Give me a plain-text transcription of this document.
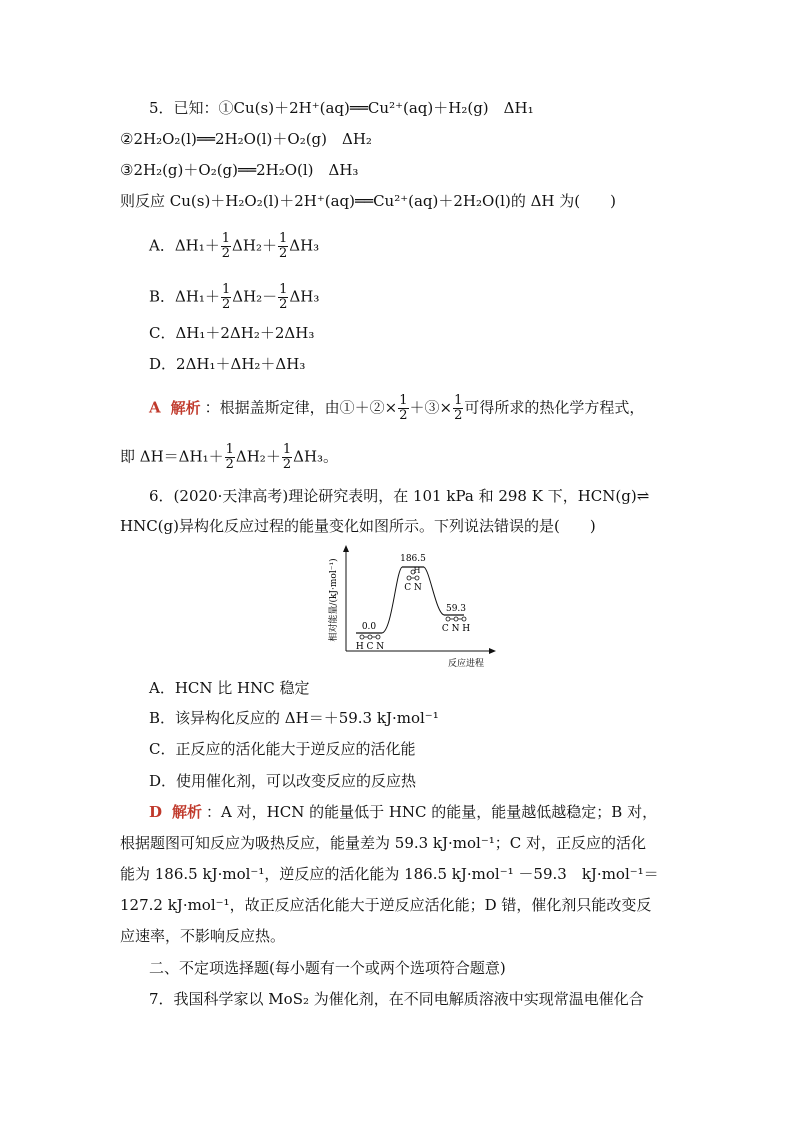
5．已知：①Cu(s)＋2H⁺(aq)══Cu²⁺(aq)＋H₂(g)　ΔH₁
②2H₂O₂(l)══2H₂O(l)＋O₂(g)　ΔH₂
③2H₂(g)＋O₂(g)══2H₂O(l)　ΔH₃
则反应 Cu(s)＋H₂O₂(l)＋2H⁺(aq)══Cu²⁺(aq)＋2H₂O(l)的 ΔH 为(　　)
A．$\Delta H_1+ \frac{1}{2} \Delta H_2+ \frac{1}{2} \Delta H_3$
B．$\Delta H_1+ \frac{1}{2} \Delta H_2- \frac{1}{2} \Delta H_3$
C．ΔH₁＋2ΔH₂＋2ΔH₃
D．2ΔH₁＋ΔH₂＋ΔH₃
A 解析 ：根据盖斯定律，由①＋②× $\frac{1}{2}$ ＋③× $\frac{1}{2}$ 可得所求的热化学方程式，
即 $\Delta H=\Delta H_1+ \frac{1}{2} \Delta H_2+ \frac{1}{2} \Delta H_3$。
6．(2020·天津高考)理论研究表明，在 101 kPa 和 298 K 下，HCN(g)⇌
HNC(g)异构化反应过程的能量变化如图所示。下列说法错误的是(　　)
相对能量/(kJ·mol⁻¹)
反应进程
0.0
186.5
59.3
H C N
H
C N
C N H
A．HCN 比 HNC 稳定
B．该异构化反应的 ΔH＝＋59.3 kJ·mol⁻¹
C．正反应的活化能大于逆反应的活化能
D．使用催化剂，可以改变反应的反应热
D 解析 ：A 对，HCN 的能量低于 HNC 的能量，能量越低越稳定；B 对，
根据题图可知反应为吸热反应，能量差为 59.3 kJ·mol⁻¹；C 对，正反应的活化
能为 186.5 kJ·mol⁻¹，逆反应的活化能为 186.5 kJ·mol⁻¹ －59.3　kJ·mol⁻¹＝
127.2 kJ·mol⁻¹，故正反应活化能大于逆反应活化能；D 错，催化剂只能改变反
应速率，不影响反应热。
二、不定项选择题(每小题有一个或两个选项符合题意)
7．我国科学家以 MoS₂ 为催化剂，在不同电解质溶液中实现常温电催化合
